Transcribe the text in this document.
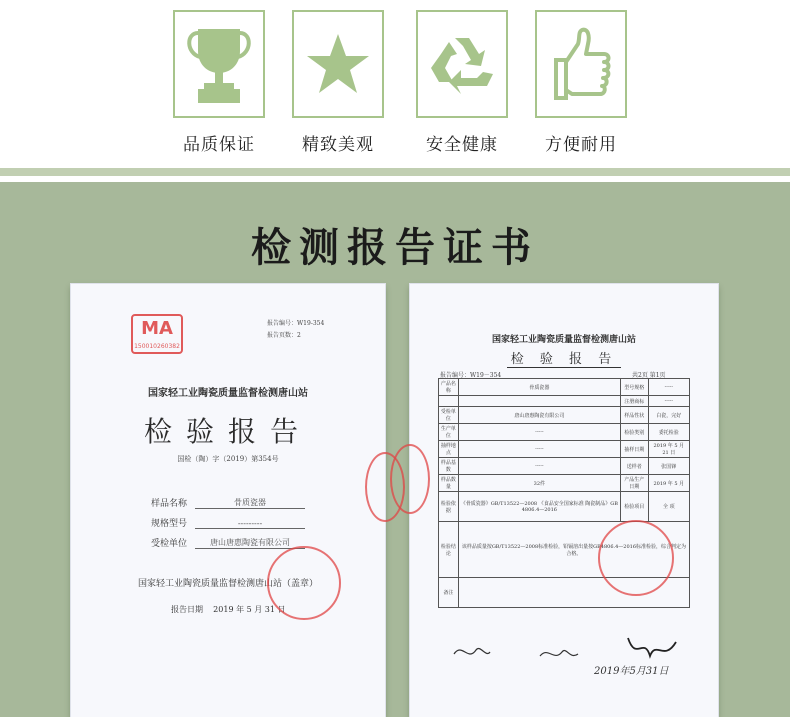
品质保证	精致美观	安全健康	方便耐用
检测报告证书
MA
150010260382
报告编号：W19-354
报告页数：2
国家轻工业陶瓷质量监督检测唐山站
检验报告
国检（陶）字（2019）第354号
样品名称	骨质瓷器
规格型号	---------
受检单位	唐山唐惠陶瓷有限公司
国家轻工业陶瓷质量监督检测唐山站（盖章）
报告日期 2019 年 5 月 31 日
国家轻工业陶瓷质量监督检测唐山站
检 验 报 告
报告编号：W19－354	共2页 第1页
产品名称	骨质瓷器	型号规格	-----
		注册商标	-----
受检单位	唐山唐惠陶瓷有限公司	样品性状	白瓷，完好
生产单位	-----	检验类别	委托检验
抽样地点	-----	抽样日期	2019 年 5 月 21 日
样品基数	-----	送样者	张国锋
样品数量	32件	产品生产日期	2019 年 5 月
检验依据	《骨质瓷器》GB/T13522—2008 《食品安全国家标准 陶瓷制品》GB 4806.4—2016	检验项目	全 项
检验结论	该样品质量按GB/T13522—2008标准检验，铅镉溶出量按GB4806.4—2016标准检验，综合判定为合格。		
备注			
2019年5月31日
